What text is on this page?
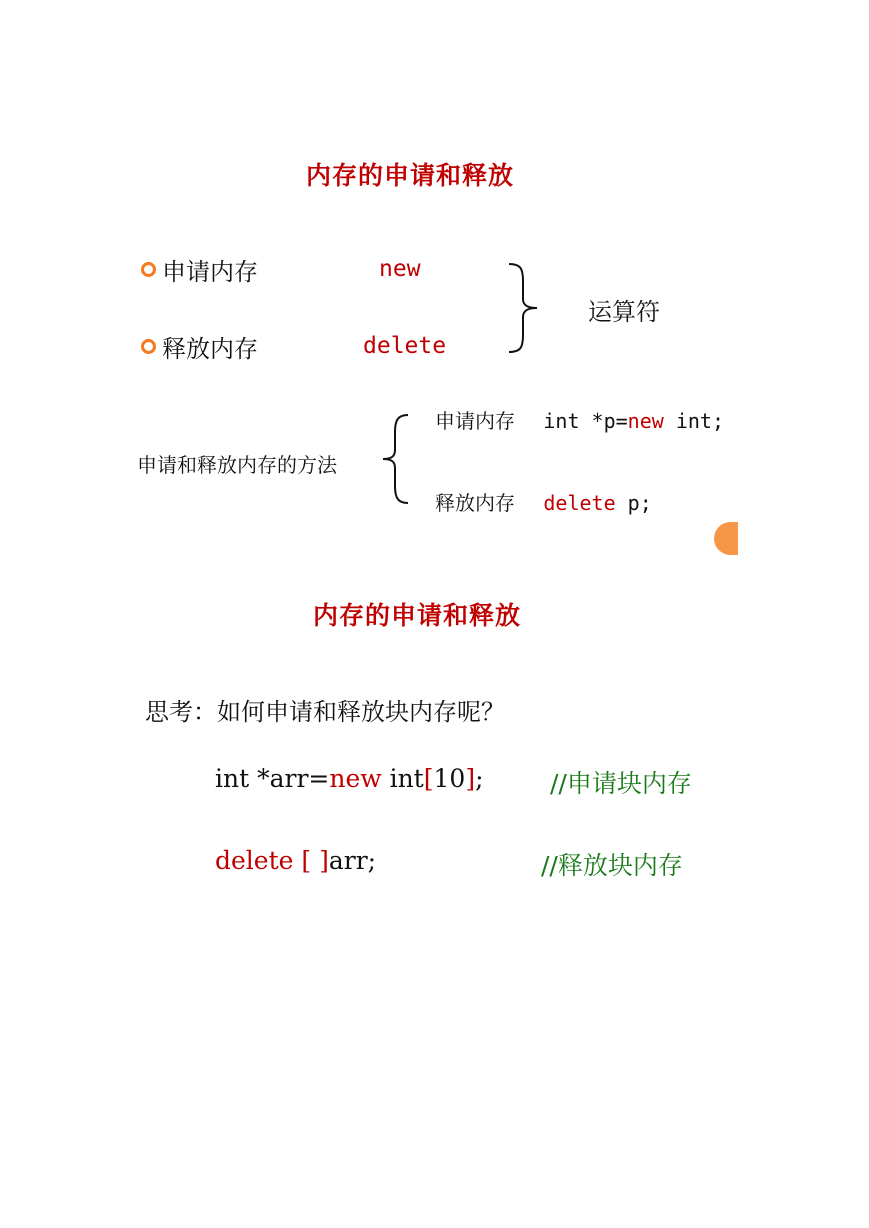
内存的申请和释放
申请内存	new
释放内存	delete
运算符
申请和释放内存的方法
申请内存 int *p=new int;
释放内存 delete p;
内存的申请和释放
思考：如何申请和释放块内存呢？
int *arr=new int[10];	//申请块内存
delete [ ]arr;	//释放块内存
